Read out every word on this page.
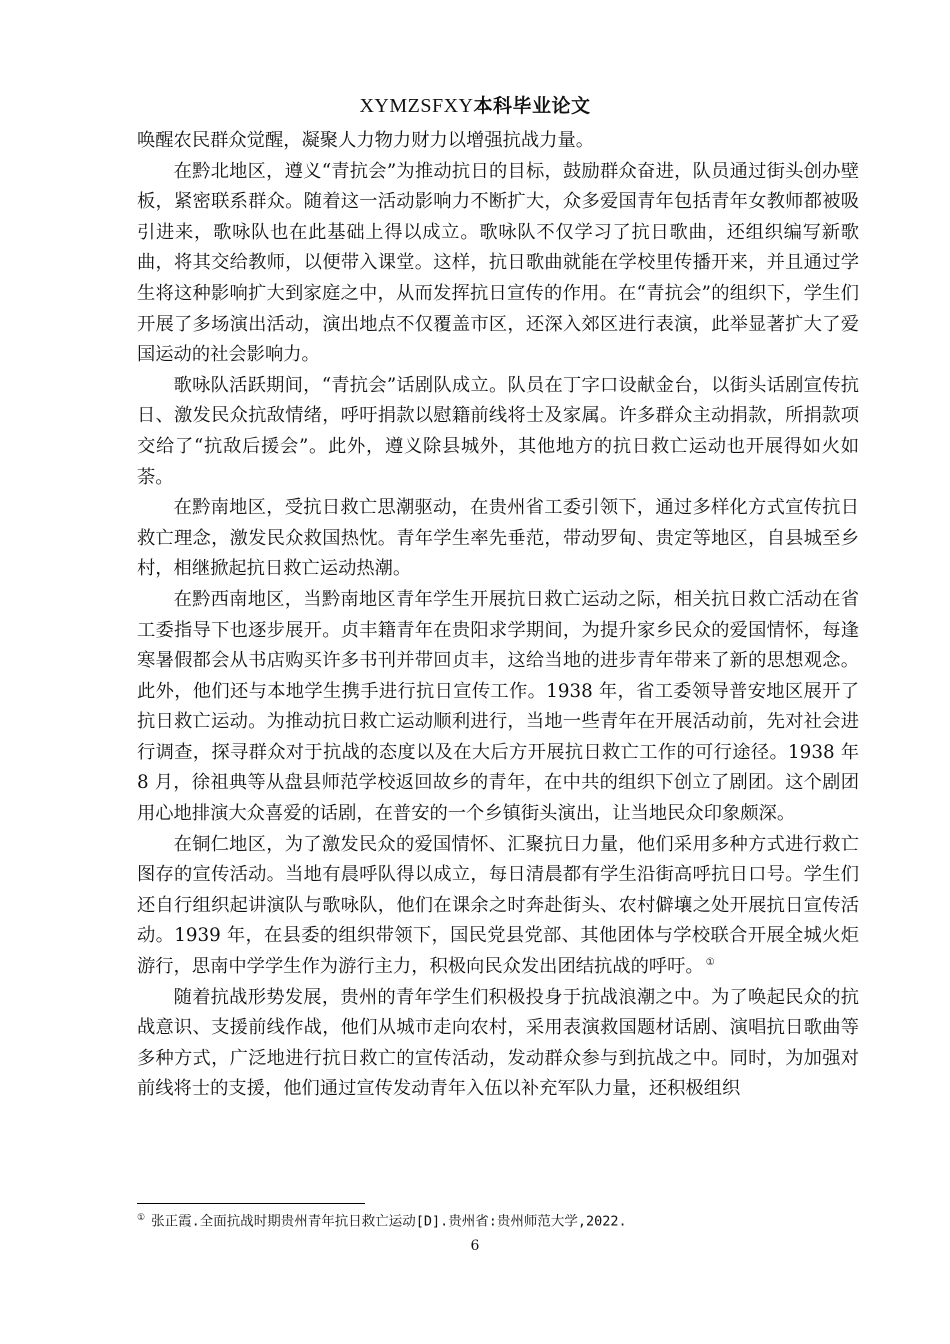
XYMZSFXY本科毕业论文

唤醒农民群众觉醒，凝聚人力物力财力以增强抗战力量。

在黔北地区，遵义“青抗会”为推动抗日的目标，鼓励群众奋进，队员通过街头创办壁板，紧密联系群众。随着这一活动影响力不断扩大，众多爱国青年包括青年女教师都被吸引进来，歌咏队也在此基础上得以成立。歌咏队不仅学习了抗日歌曲，还组织编写新歌曲，将其交给教师，以便带入课堂。这样，抗日歌曲就能在学校里传播开来，并且通过学生将这种影响扩大到家庭之中，从而发挥抗日宣传的作用。在“青抗会”的组织下，学生们开展了多场演出活动，演出地点不仅覆盖市区，还深入郊区进行表演，此举显著扩大了爱国运动的社会影响力。

歌咏队活跃期间，“青抗会”话剧队成立。队员在丁字口设献金台，以街头话剧宣传抗日、激发民众抗敌情绪，呼吁捐款以慰籍前线将士及家属。许多群众主动捐款，所捐款项交给了“抗敌后援会”。此外，遵义除县城外，其他地方的抗日救亡运动也开展得如火如荼。

在黔南地区，受抗日救亡思潮驱动，在贵州省工委引领下，通过多样化方式宣传抗日救亡理念，激发民众救国热忱。青年学生率先垂范，带动罗甸、贵定等地区，自县城至乡村，相继掀起抗日救亡运动热潮。

在黔西南地区，当黔南地区青年学生开展抗日救亡运动之际，相关抗日救亡活动在省工委指导下也逐步展开。贞丰籍青年在贵阳求学期间，为提升家乡民众的爱国情怀，每逢寒暑假都会从书店购买许多书刊并带回贞丰，这给当地的进步青年带来了新的思想观念。此外，他们还与本地学生携手进行抗日宣传工作。1938 年，省工委领导普安地区展开了抗日救亡运动。为推动抗日救亡运动顺利进行，当地一些青年在开展活动前，先对社会进行调查，探寻群众对于抗战的态度以及在大后方开展抗日救亡工作的可行途径。1938 年 8 月，徐祖典等从盘县师范学校返回故乡的青年，在中共的组织下创立了剧团。这个剧团用心地排演大众喜爱的话剧，在普安的一个乡镇街头演出，让当地民众印象颇深。

在铜仁地区，为了激发民众的爱国情怀、汇聚抗日力量，他们采用多种方式进行救亡图存的宣传活动。当地有晨呼队得以成立，每日清晨都有学生沿街高呼抗日口号。学生们还自行组织起讲演队与歌咏队，他们在课余之时奔赴街头、农村僻壤之处开展抗日宣传活动。1939 年，在县委的组织带领下，国民党县党部、其他团体与学校联合开展全城火炬游行，思南中学学生作为游行主力，积极向民众发出团结抗战的呼吁。 ①

随着抗战形势发展，贵州的青年学生们积极投身于抗战浪潮之中。为了唤起民众的抗战意识、支援前线作战，他们从城市走向农村，采用表演救国题材话剧、演唱抗日歌曲等多种方式，广泛地进行抗日救亡的宣传活动，发动群众参与到抗战之中。同时，为加强对前线将士的支援，他们通过宣传发动青年入伍以补充军队力量，还积极组织

① 张正霞.全面抗战时期贵州青年抗日救亡运动[D].贵州省:贵州师范大学,2022.
6
